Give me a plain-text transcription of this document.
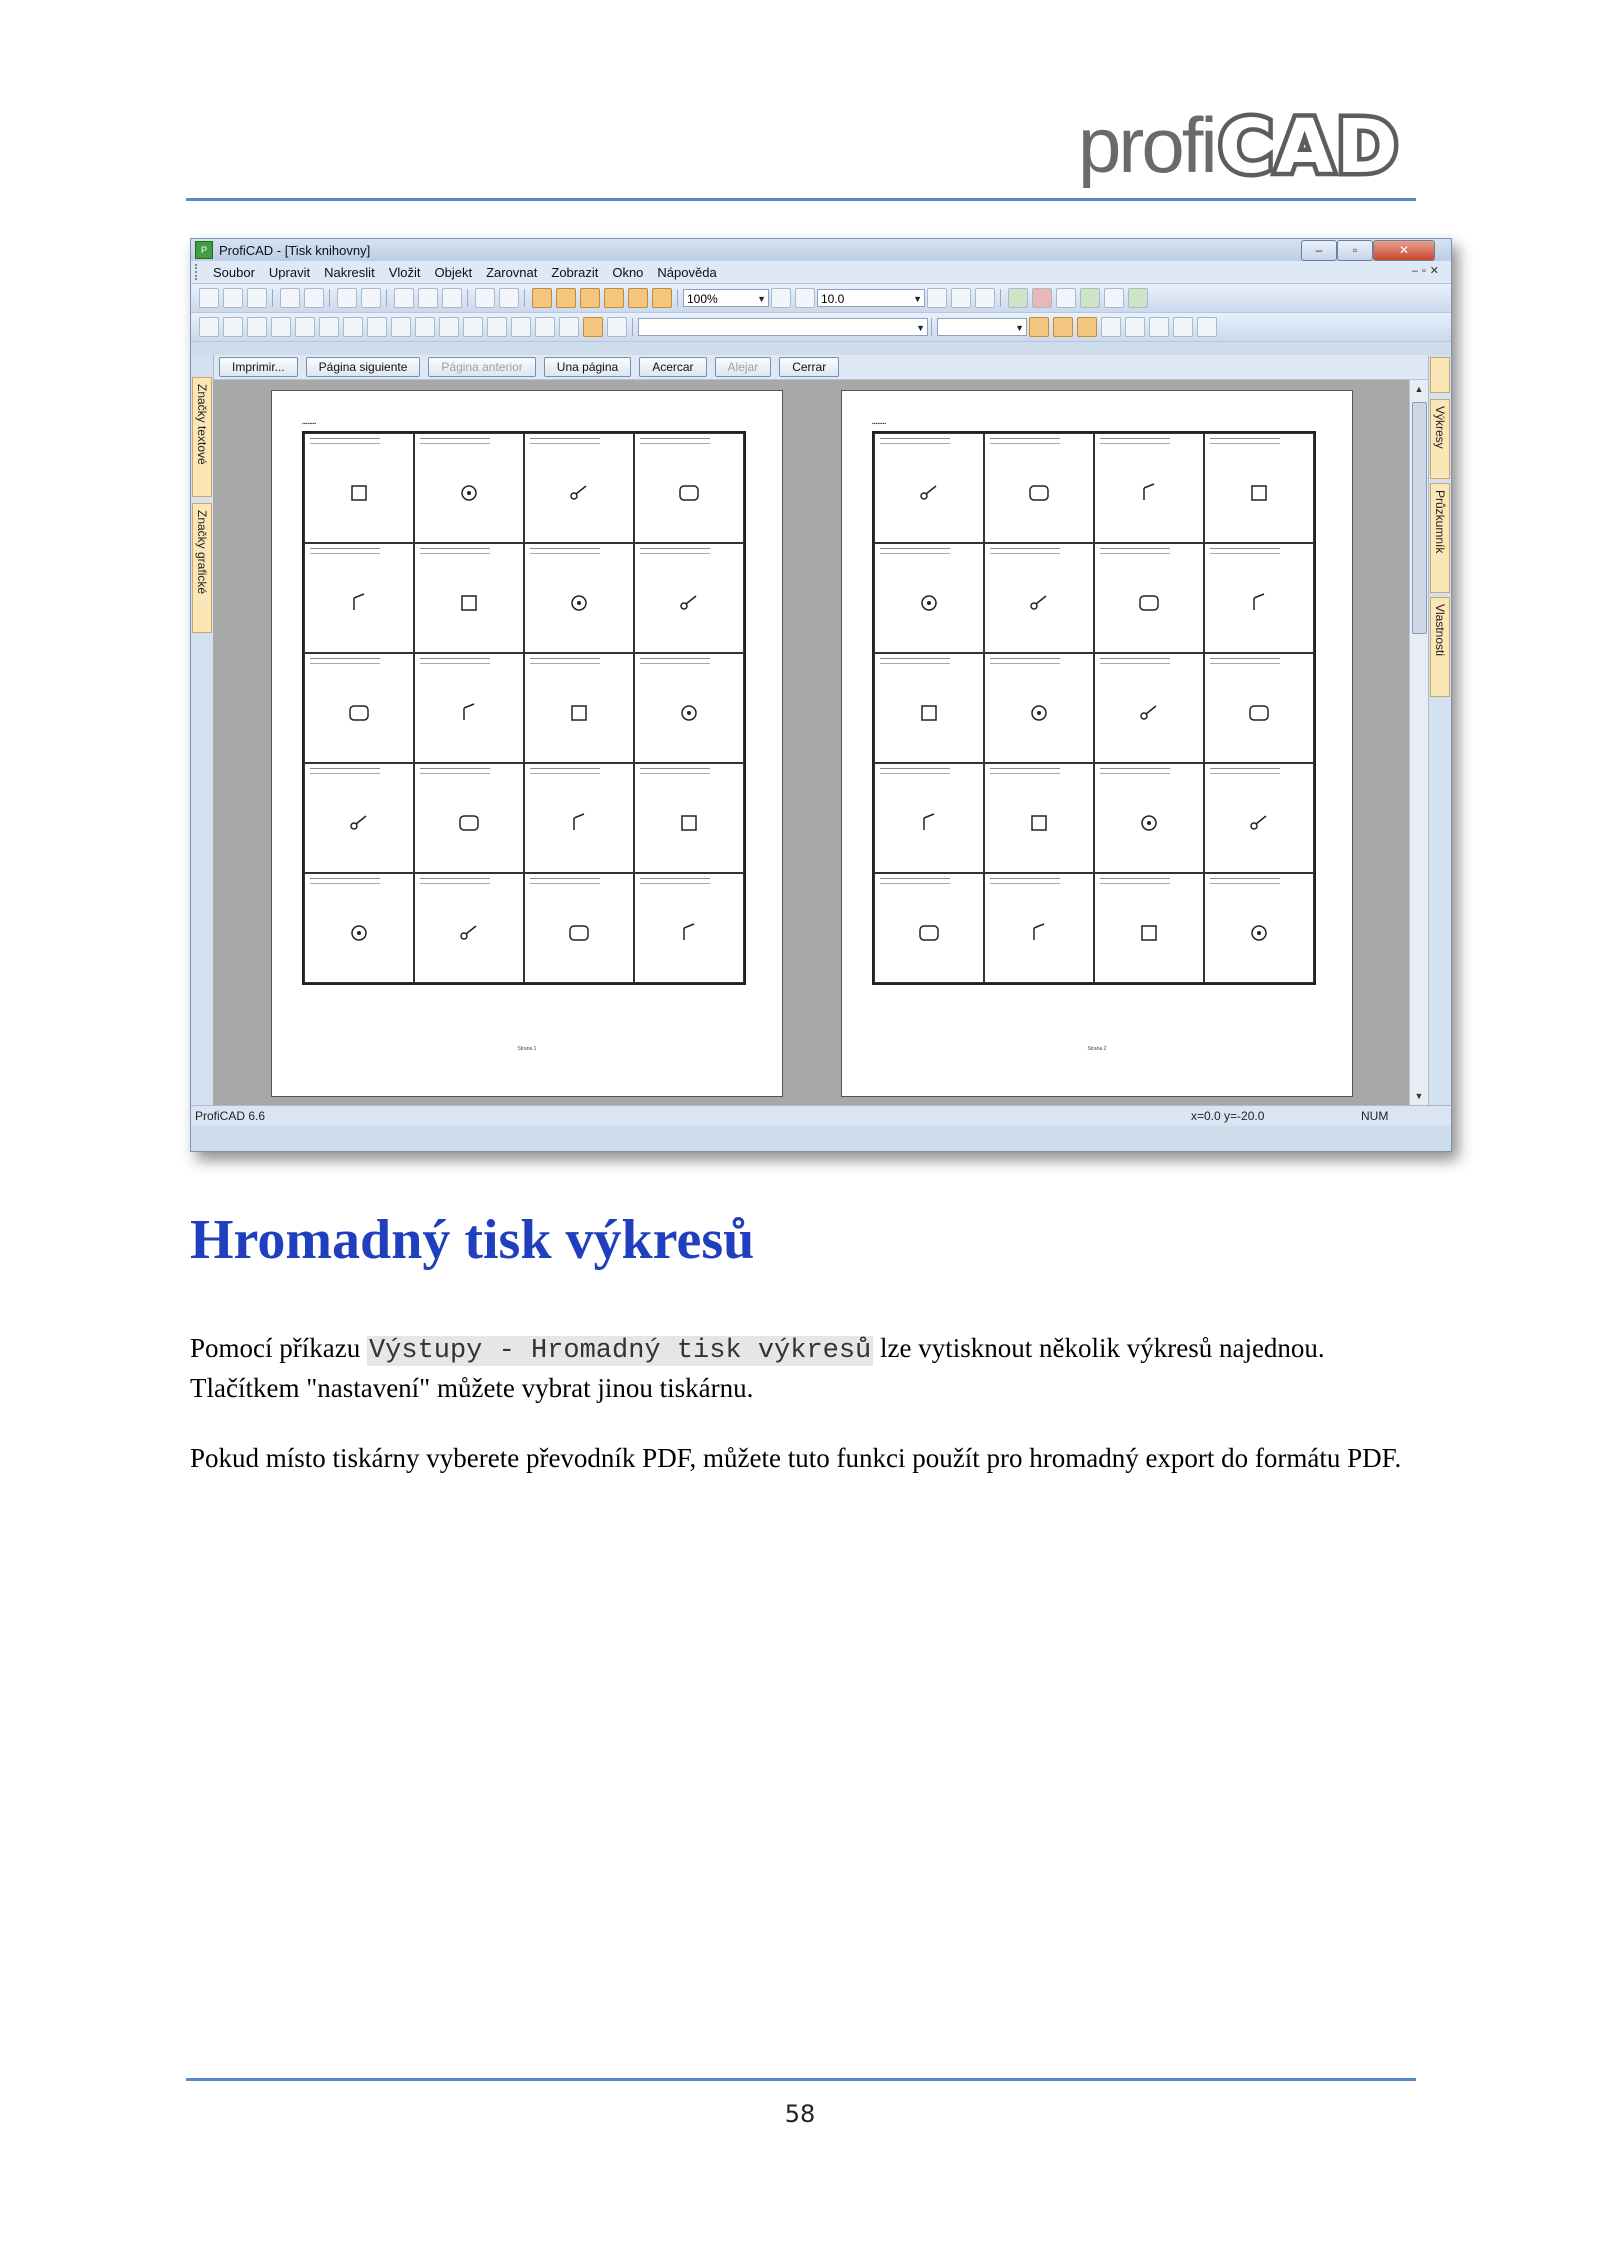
profi CAD
P ProfiCAD - [Tisk knihovny]	–	▫	✕
Soubor	Upravit	Nakreslit	Vložit	Objekt	Zarovnat	Zobrazit	Okno	Nápověda	–▫✕
100%	▼	10.0	▼
▼	▼
Imprimir...	Página siguiente	Página anterior	Una página	Acercar	Alejar	Cerrar
Značky textové
Značky grafické
▪▪▪▪▪▪▪▪
Strana 1
▪▪▪▪▪▪▪▪
Strana 2
▲
▼
Výkresy
Průzkumník
Vlastnosti
ProfiCAD 6.6	x=0.0 y=-20.0	NUM
Hromadný tisk výkresů

Pomocí příkazu Výstupy - Hromadný tisk výkresů lze vytisknout několik výkresů najednou. Tlačítkem "nastavení" můžete vybrat jinou tiskárnu.

Pokud místo tiskárny vyberete převodník PDF, můžete tuto funkci použít pro hromadný export do formátu PDF.

58
